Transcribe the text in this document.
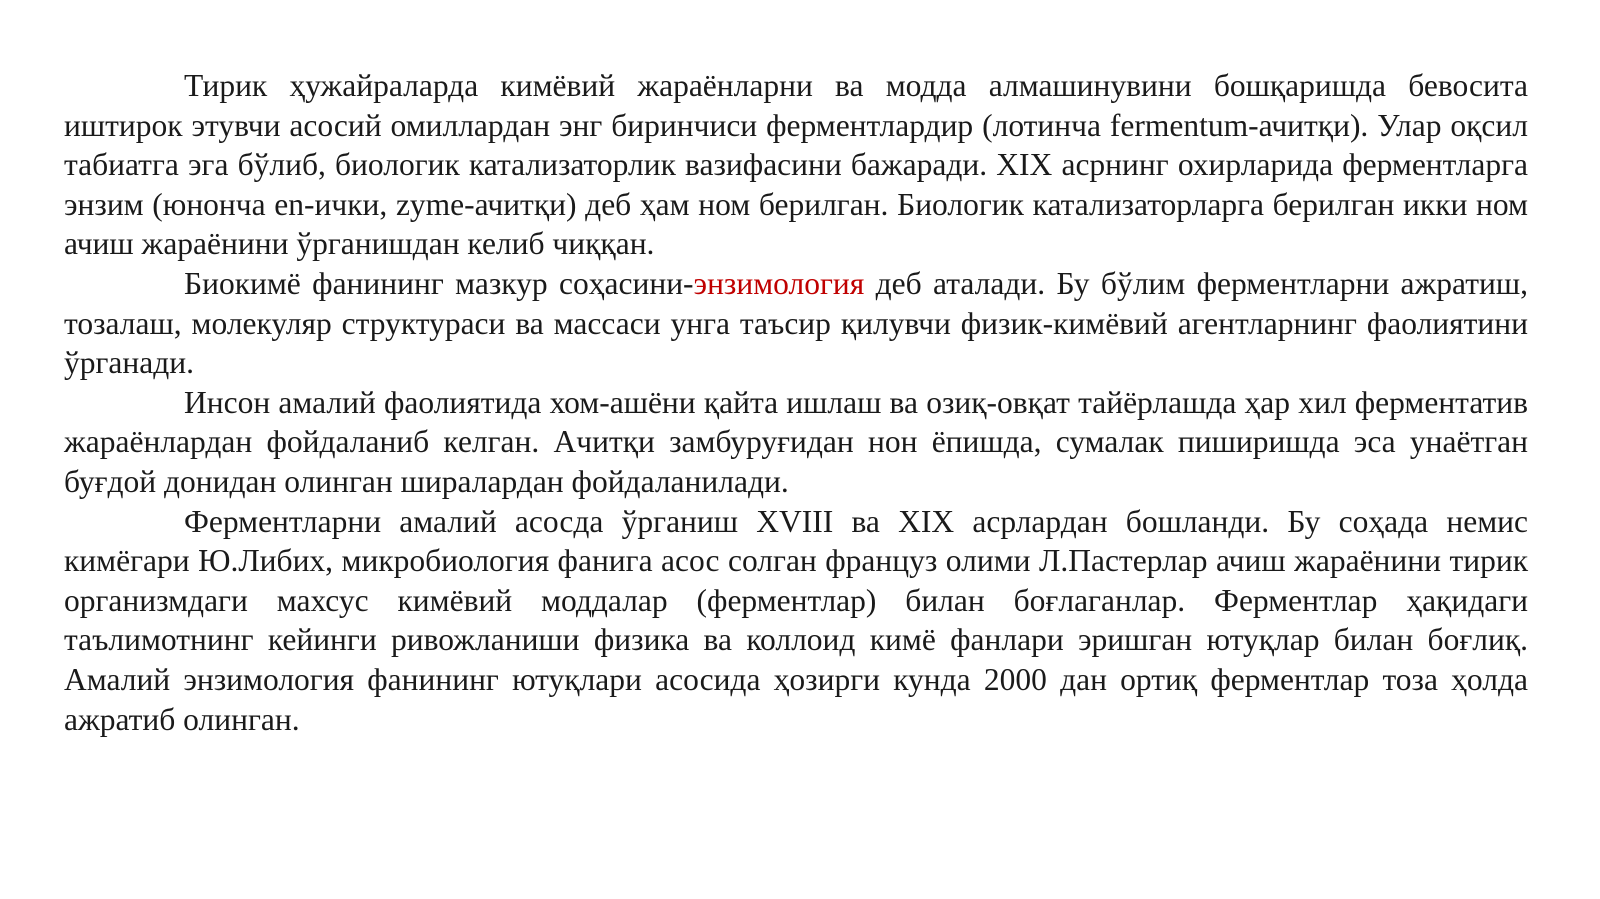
Тирик ҳужайраларда кимёвий жараёнларни ва модда алмашинувини бошқаришда бевосита иштирок этувчи асосий омиллардан энг биринчиси ферментлардир (лотинча fermentum-ачитқи). Улар оқсил табиатга эга бўлиб, биологик катализаторлик вазифасини бажаради. XIX асрнинг охирларида ферментларга энзим (юнонча en-ички, zyme-ачитқи) деб ҳам ном берилган. Биологик катализаторларга берилган икки ном ачиш жараёнини ўрганишдан келиб чиққан.

Биокимё фанининг мазкур соҳасини-энзимология деб аталади. Бу бўлим ферментларни ажратиш, тозалаш, молекуляр структураси ва массаси унга таъсир қилувчи физик-кимёвий агентларнинг фаолиятини ўрганади.

Инсон амалий фаолиятида хом-ашёни қайта ишлаш ва озиқ-овқат тайёрлашда ҳар хил ферментатив жараёнлардан фойдаланиб келган. Ачитқи замбуруғидан нон ёпишда, сумалак пиширишда эса унаётган буғдой донидан олинган ширалардан фойдаланилади.

Ферментларни амалий асосда ўрганиш XVIII ва XIX асрлардан бошланди. Бу соҳада немис кимёгари Ю.Либих, микробиология фанига асос солган француз олими Л.Пастерлар ачиш жараёнини тирик организмдаги махсус кимёвий моддалар (ферментлар) билан боғлаганлар. Ферментлар ҳақидаги таълимотнинг кейинги ривожланиши физика ва коллоид кимё фанлари эришган ютуқлар билан боғлиқ. Амалий энзимология фанининг ютуқлари асосида ҳозирги кунда 2000 дан ортиқ ферментлар тоза ҳолда ажратиб олинган.
